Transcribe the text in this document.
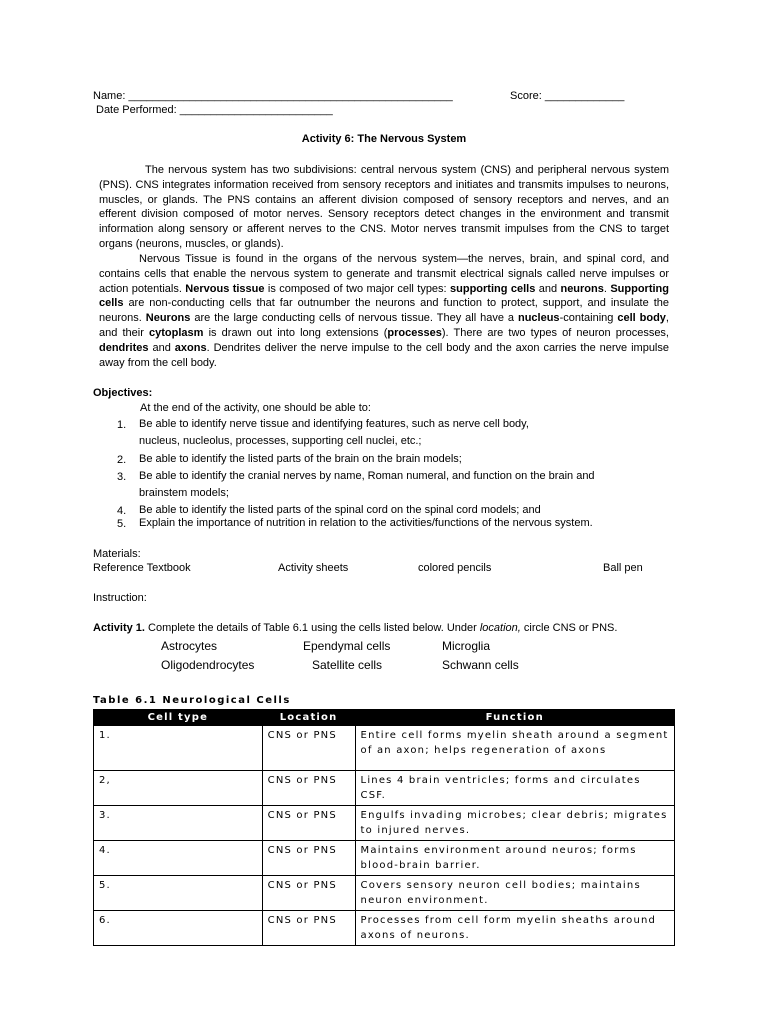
Name: _____________________________________________________	Score: _____________
Date Performed: _________________________
Activity 6: The Nervous System
The nervous system has two subdivisions: central nervous system (CNS) and peripheral nervous system (PNS). CNS integrates information received from sensory receptors and initiates and transmits impulses to neurons, muscles, or glands. The PNS contains an afferent division composed of sensory receptors and nerves, and an efferent division composed of motor nerves. Sensory receptors detect changes in the environment and transmit information along sensory or afferent nerves to the CNS. Motor nerves transmit impulses from the CNS to target organs (neurons, muscles, or glands).
Nervous Tissue is found in the organs of the nervous system—the nerves, brain, and spinal cord, and contains cells that enable the nervous system to generate and transmit electrical signals called nerve impulses or action potentials. Nervous tissue is composed of two major cell types: supporting cells and neurons. Supporting cells are non-conducting cells that far outnumber the neurons and function to protect, support, and insulate the neurons. Neurons are the large conducting cells of nervous tissue. They all have a nucleus-containing cell body, and their cytoplasm is drawn out into long extensions (processes). There are two types of neuron processes, dendrites and axons. Dendrites deliver the nerve impulse to the cell body and the axon carries the nerve impulse away from the cell body.
Objectives:
At the end of the activity, one should be able to:
1. Be able to identify nerve tissue and identifying features, such as nerve cell body, nucleus, nucleolus, processes, supporting cell nuclei, etc.;
2. Be able to identify the listed parts of the brain on the brain models;
3. Be able to identify the cranial nerves by name, Roman numeral, and function on the brain and brainstem models;
4. Be able to identify the listed parts of the spinal cord on the spinal cord models; and
5. Explain the importance of nutrition in relation to the activities/functions of the nervous system.
Materials:
Reference Textbook	Activity sheets	colored pencils	Ball pen
Instruction:
Activity 1. Complete the details of Table 6.1 using the cells listed below. Under location, circle CNS or PNS.
Astrocytes	Ependymal cells	Microglia
Oligodendrocytes	Satellite cells	Schwann cells
Table 6.1 Neurological Cells
Cell type	Location	Function
1.	CNS or PNS	Entire cell forms myelin sheath around a segment of an axon; helps regeneration of axons
2,	CNS or PNS	Lines 4 brain ventricles; forms and circulates CSF.
3.	CNS or PNS	Engulfs invading microbes; clear debris; migrates to injured nerves.
4.	CNS or PNS	Maintains environment around neuros; forms blood-brain barrier.
5.	CNS or PNS	Covers sensory neuron cell bodies; maintains neuron environment.
6.	CNS or PNS	Processes from cell form myelin sheaths around axons of neurons.
